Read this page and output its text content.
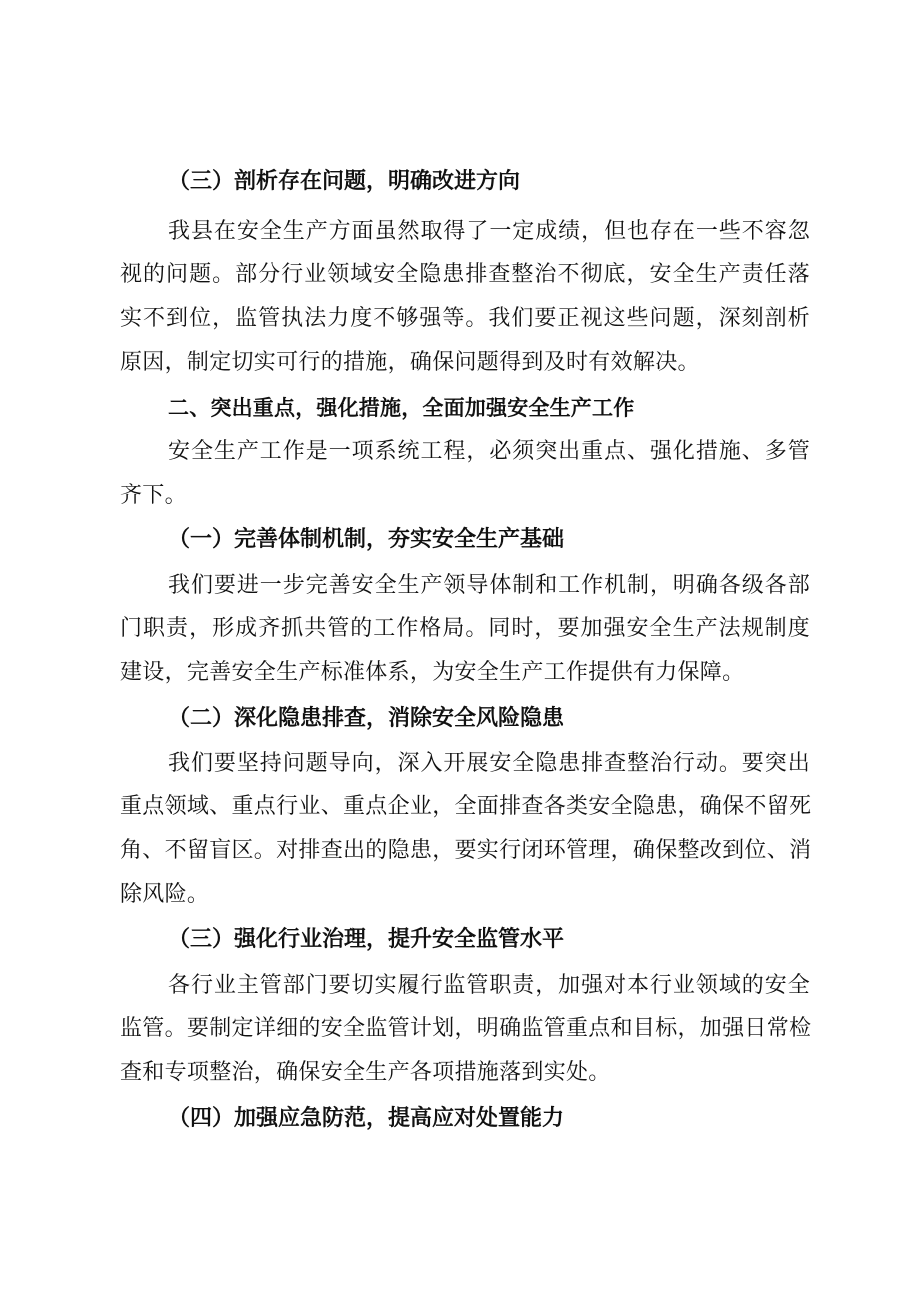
（三）剖析存在问题，明确改进方向
我县在安全生产方面虽然取得了一定成绩，但也存在一些不容忽
视的问题。部分行业领域安全隐患排查整治不彻底，安全生产责任落
实不到位，监管执法力度不够强等。我们要正视这些问题，深刻剖析
原因，制定切实可行的措施，确保问题得到及时有效解决。
二、突出重点，强化措施，全面加强安全生产工作
安全生产工作是一项系统工程，必须突出重点、强化措施、多管
齐下。
（一）完善体制机制，夯实安全生产基础
我们要进一步完善安全生产领导体制和工作机制，明确各级各部
门职责，形成齐抓共管的工作格局。同时，要加强安全生产法规制度
建设，完善安全生产标准体系，为安全生产工作提供有力保障。
（二）深化隐患排查，消除安全风险隐患
我们要坚持问题导向，深入开展安全隐患排查整治行动。要突出
重点领域、重点行业、重点企业，全面排查各类安全隐患，确保不留死
角、不留盲区。对排查出的隐患，要实行闭环管理，确保整改到位、消
除风险。
（三）强化行业治理，提升安全监管水平
各行业主管部门要切实履行监管职责，加强对本行业领域的安全
监管。要制定详细的安全监管计划，明确监管重点和目标，加强日常检
查和专项整治，确保安全生产各项措施落到实处。
（四）加强应急防范，提高应对处置能力
